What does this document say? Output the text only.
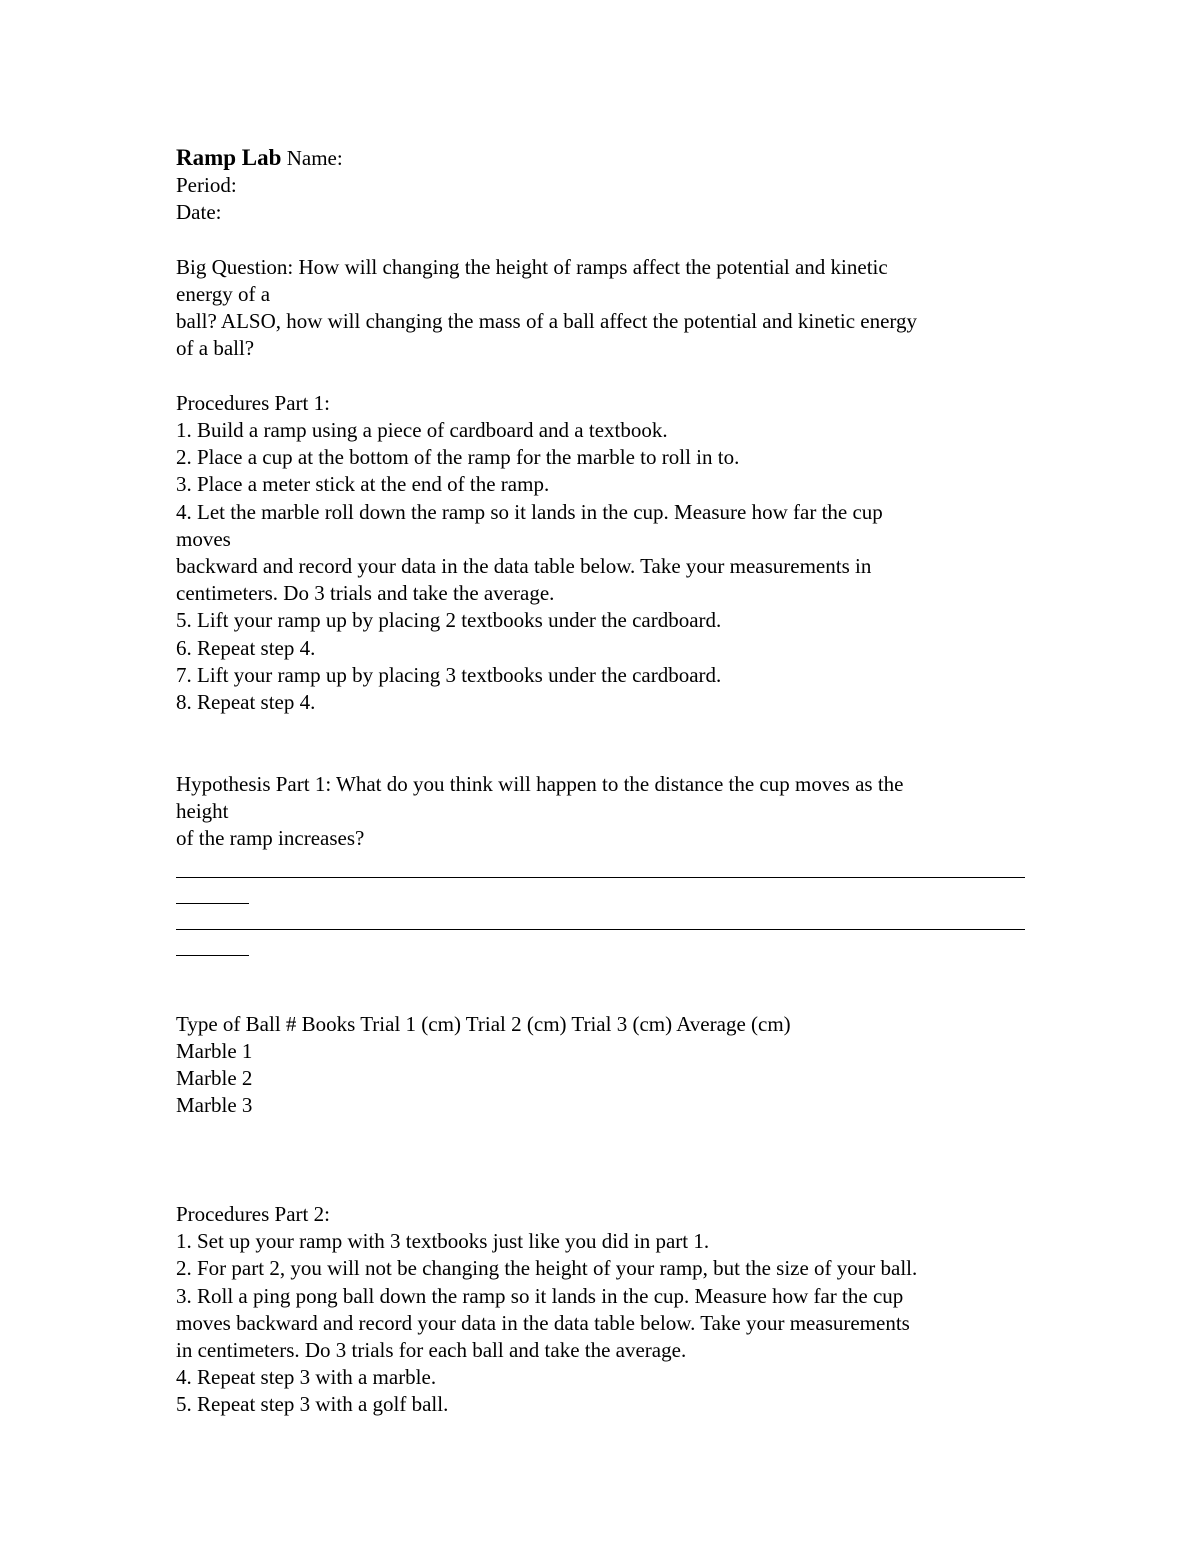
Ramp Lab Name:
Period:
Date:
Big Question: How will changing the height of ramps affect the potential and kinetic
energy of a
ball? ALSO, how will changing the mass of a ball affect the potential and kinetic energy
of a ball?
Procedures Part 1:
1. Build a ramp using a piece of cardboard and a textbook.
2. Place a cup at the bottom of the ramp for the marble to roll in to.
3. Place a meter stick at the end of the ramp.
4. Let the marble roll down the ramp so it lands in the cup. Measure how far the cup
moves
backward and record your data in the data table below. Take your measurements in
centimeters. Do 3 trials and take the average.
5. Lift your ramp up by placing 2 textbooks under the cardboard.
6. Repeat step 4.
7. Lift your ramp up by placing 3 textbooks under the cardboard.
8. Repeat step 4.
Hypothesis Part 1: What do you think will happen to the distance the cup moves as the
height
of the ramp increases?
Type of Ball # Books Trial 1 (cm) Trial 2 (cm) Trial 3 (cm) Average (cm)
Marble 1
Marble 2
Marble 3
Procedures Part 2:
1. Set up your ramp with 3 textbooks just like you did in part 1.
2. For part 2, you will not be changing the height of your ramp, but the size of your ball.
3. Roll a ping pong ball down the ramp so it lands in the cup. Measure how far the cup
moves backward and record your data in the data table below. Take your measurements
in centimeters. Do 3 trials for each ball and take the average.
4. Repeat step 3 with a marble.
5. Repeat step 3 with a golf ball.
